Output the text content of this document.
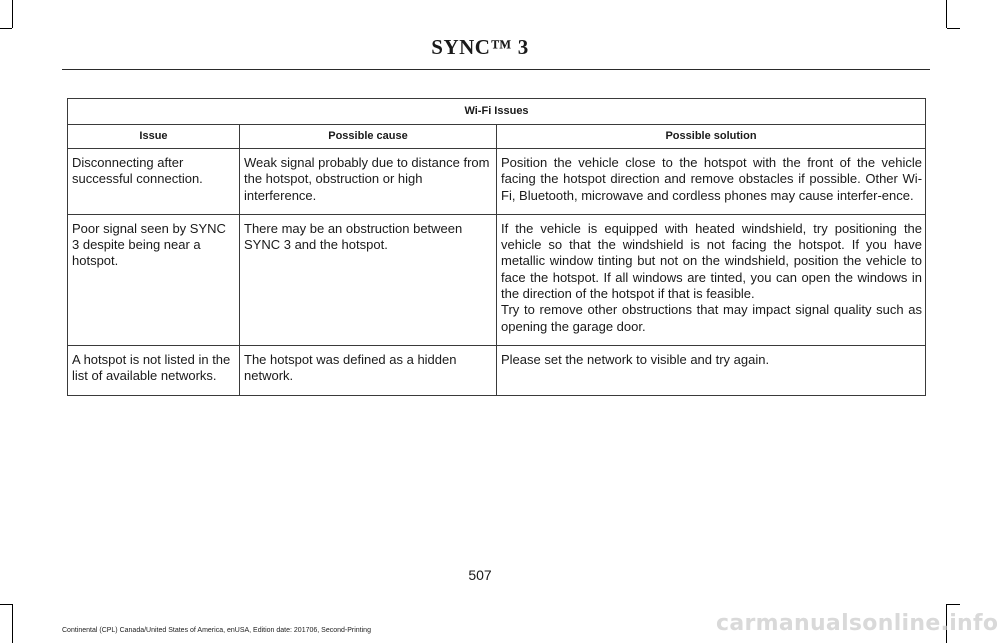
SYNC™ 3
Wi-Fi Issues		
Issue	Possible cause	Possible solution
Disconnecting after successful connection.	Weak signal probably due to distance from the hotspot, obstruction or high interference.	Position the vehicle close to the hotspot with the front of the vehicle facing the hotspot direction and remove obstacles if possible. Other Wi-Fi, Bluetooth, microwave and cordless phones may cause interfer-ence.

Poor signal seen by SYNC 3 despite being near a hotspot.	There may be an obstruction between SYNC 3 and the hotspot.	If the vehicle is equipped with heated windshield, try positioning the vehicle so that the windshield is not facing the hotspot. If you have metallic window tinting but not on the windshield, position the vehicle to face the hotspot. If all windows are tinted, you can open the windows in the direction of the hotspot if that is feasible.
Try to remove other obstructions that may impact signal quality such as opening the garage door.

A hotspot is not listed in the list of available networks.	The hotspot was defined as a hidden network.	Please set the network to visible and try again.
507
Continental (CPL) Canada/United States of America, enUSA, Edition date: 201706, Second-Printing	carmanualsonline.info
